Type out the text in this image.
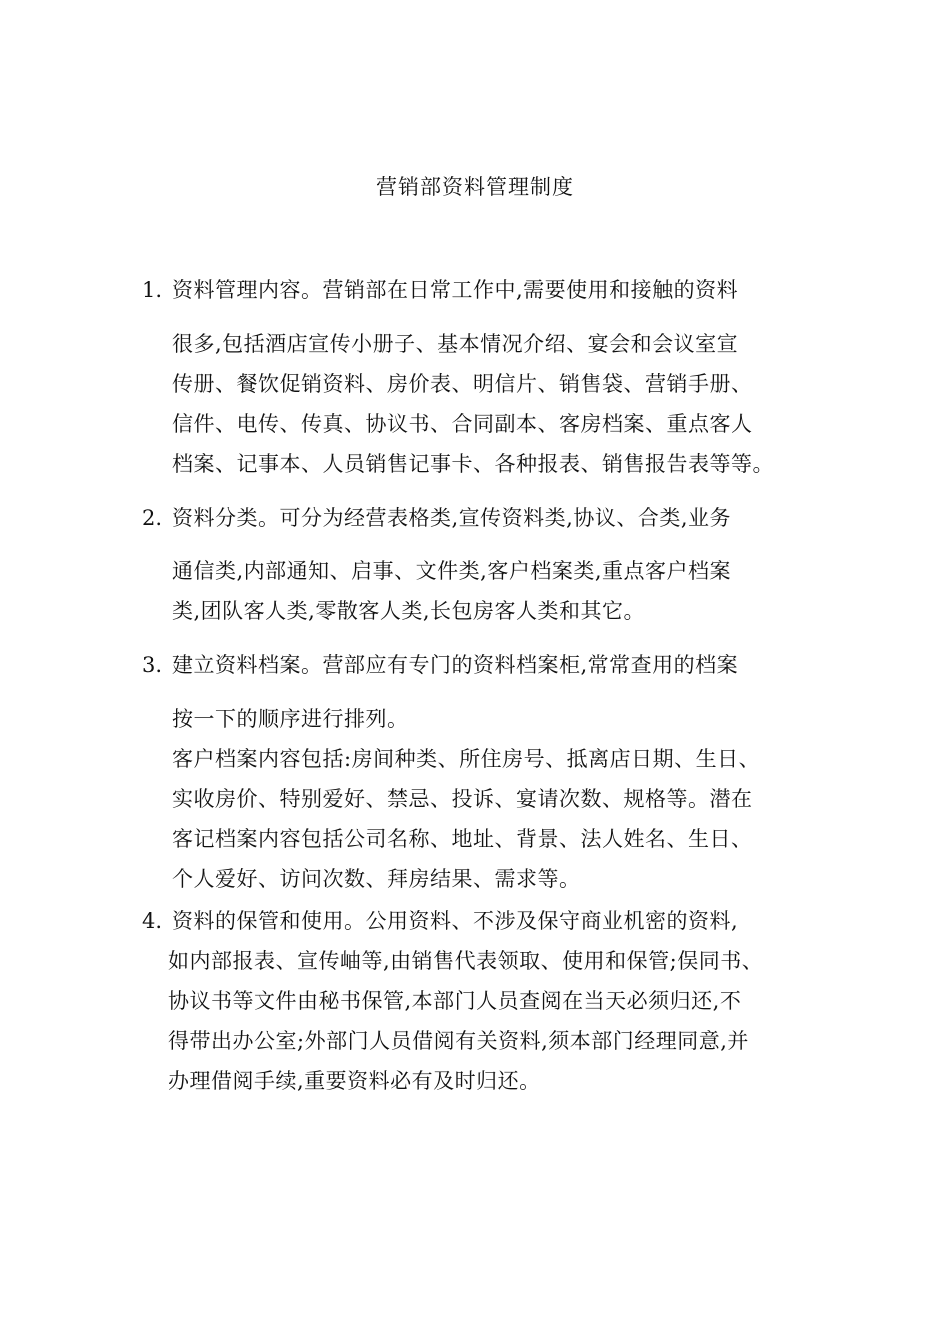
营销部资料管理制度
1. 资料管理内容。营销部在日常工作中,需要使用和接触的资料
很多,包括酒店宣传小册子、基本情况介绍、宴会和会议室宣
传册、餐饮促销资料、房价表、明信片、销售袋、营销手册、
信件、电传、传真、协议书、合同副本、客房档案、重点客人
档案、记事本、人员销售记事卡、各种报表、销售报告表等等。
2. 资料分类。可分为经营表格类,宣传资料类,协议、合类,业务
通信类,内部通知、启事、文件类,客户档案类,重点客户档案
类,团队客人类,零散客人类,长包房客人类和其它。
3. 建立资料档案。营部应有专门的资料档案柜,常常查用的档案
按一下的顺序进行排列。
客户档案内容包括:房间种类、所住房号、抵离店日期、生日、
实收房价、特别爱好、禁忌、投诉、宴请次数、规格等。潜在
客记档案内容包括公司名称、地址、背景、法人姓名、生日、
个人爱好、访问次数、拜房结果、需求等。
4. 资料的保管和使用。公用资料、不涉及保守商业机密的资料,
如内部报表、宣传岫等,由销售代表领取、使用和保管;俣同书、
协议书等文件由秘书保管,本部门人员查阅在当天必须归还,不
得带出办公室;外部门人员借阅有关资料,须本部门经理同意,并
办理借阅手续,重要资料必有及时归还。
